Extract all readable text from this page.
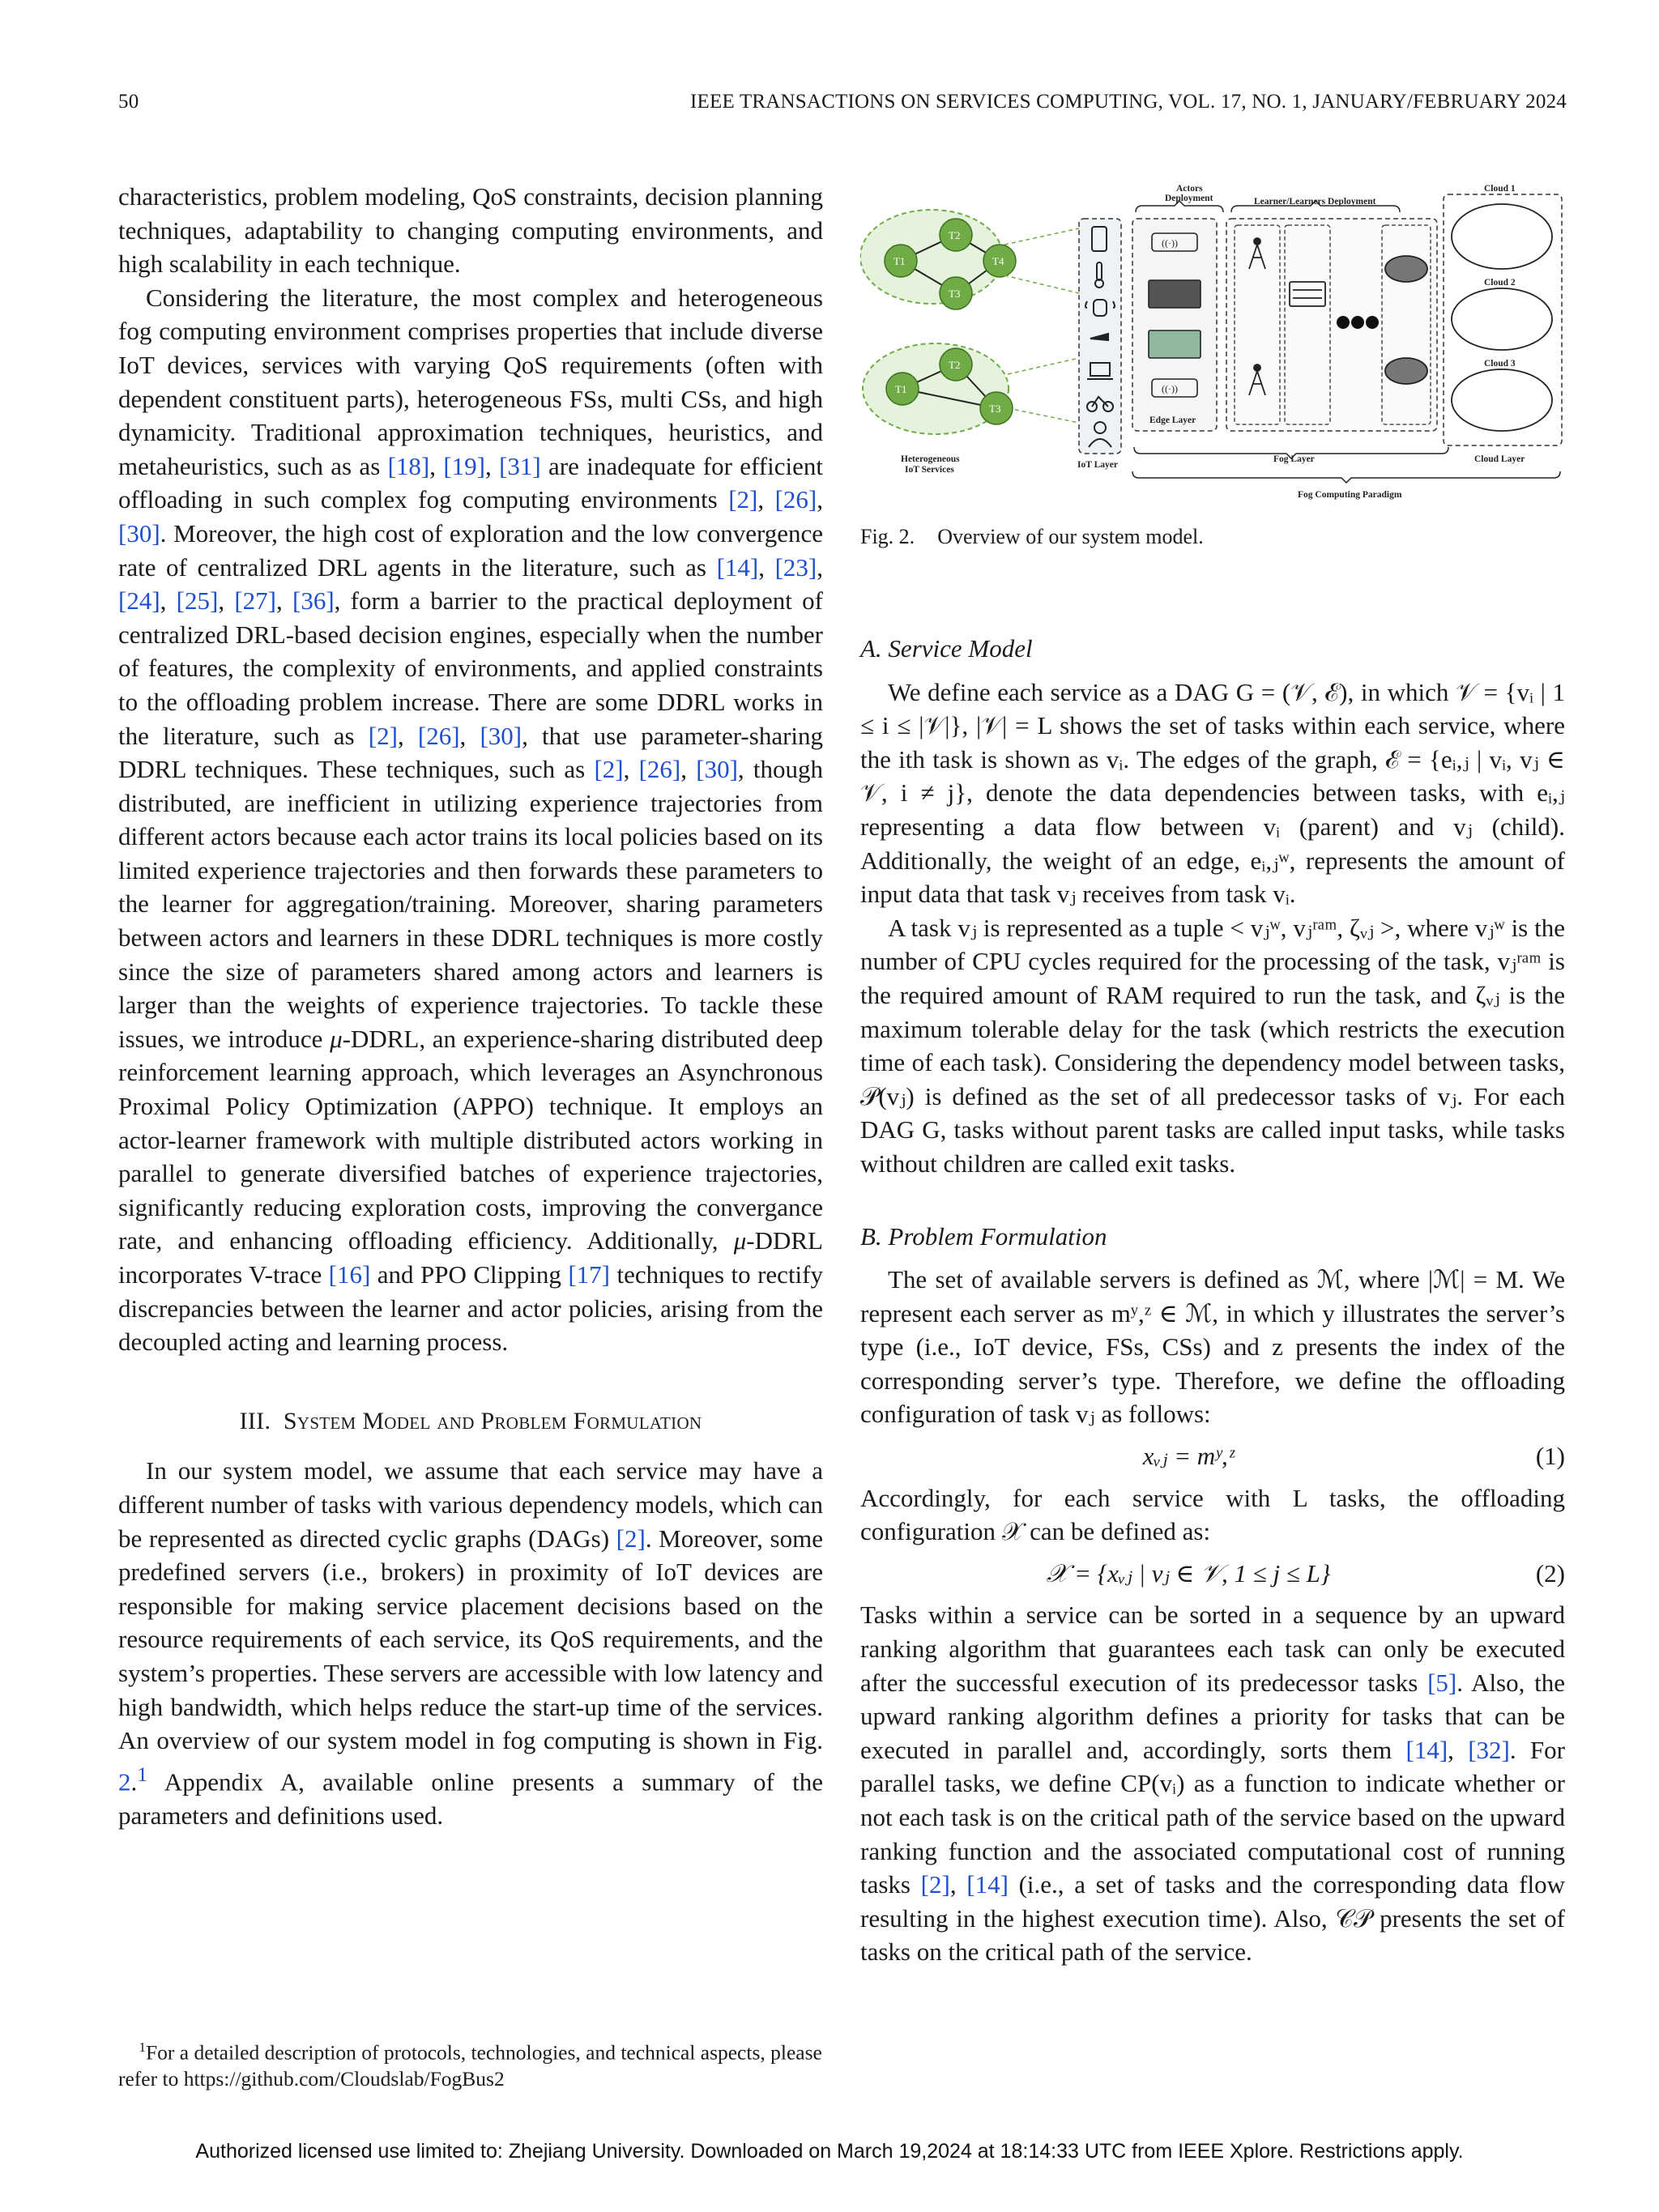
50	IEEE TRANSACTIONS ON SERVICES COMPUTING, VOL. 17, NO. 1, JANUARY/FEBRUARY 2024

characteristics, problem modeling, QoS constraints, decision planning techniques, adaptability to changing computing environments, and high scalability in each technique.

Considering the literature, the most complex and heterogeneous fog computing environment comprises properties that include diverse IoT devices, services with varying QoS requirements (often with dependent constituent parts), heterogeneous FSs, multi CSs, and high dynamicity. Traditional approximation techniques, heuristics, and metaheuristics, such as as [18], [19], [31] are inadequate for efficient offloading in such complex fog computing environments [2], [26], [30]. Moreover, the high cost of exploration and the low convergence rate of centralized DRL agents in the literature, such as [14], [23], [24], [25], [27], [36], form a barrier to the practical deployment of centralized DRL-based decision engines, especially when the number of features, the complexity of environments, and applied constraints to the offloading problem increase. There are some DDRL works in the literature, such as [2], [26], [30], that use parameter-sharing DDRL techniques. These techniques, such as [2], [26], [30], though distributed, are inefficient in utilizing experience trajectories from different actors because each actor trains its local policies based on its limited experience trajectories and then forwards these parameters to the learner for aggregation/training. Moreover, sharing parameters between actors and learners in these DDRL techniques is more costly since the size of parameters shared among actors and learners is larger than the weights of experience trajectories. To tackle these issues, we introduce μ-DDRL, an experience-sharing distributed deep reinforcement learning approach, which leverages an Asynchronous Proximal Policy Optimization (APPO) technique. It employs an actor-learner framework with multiple distributed actors working in parallel to generate diversified batches of experience trajectories, significantly reducing exploration costs, improving the convergance rate, and enhancing offloading efficiency. Additionally, μ-DDRL incorporates V-trace [16] and PPO Clipping [17] techniques to rectify discrepancies between the learner and actor policies, arising from the decoupled acting and learning process.

III. System Model and Problem Formulation

In our system model, we assume that each service may have a different number of tasks with various dependency models, which can be represented as directed cyclic graphs (DAGs) [2]. Moreover, some predefined servers (i.e., brokers) in proximity of IoT devices are responsible for making service placement decisions based on the resource requirements of each service, its QoS requirements, and the system’s properties. These servers are accessible with low latency and high bandwidth, which helps reduce the start-up time of the services. An overview of our system model in fog computing is shown in Fig. 2.$^1$ Appendix A, available online presents a summary of the parameters and definitions used.

$^1$For a detailed description of protocols, technologies, and technical aspects, please refer to https://github.com/Cloudslab/FogBus2
T1
T2
T3
T4
T1
T2
T3
Heterogeneous
IoT Services	IoT Layer
Actors
Deployment
((·))
((·))
Edge Layer
Learner/Learners Deployment
Fog Layer
Cloud 1
Cloud 2
Cloud 3
Cloud Layer
Fog Computing Paradigm
Fig. 2. Overview of our system model.
A. Service Model

We define each service as a DAG G = (𝒱, ℰ), in which 𝒱 = {vᵢ | 1 ≤ i ≤ |𝒱|}, |𝒱| = L shows the set of tasks within each service, where the ith task is shown as vᵢ. The edges of the graph, ℰ = {eᵢ,ⱼ | vᵢ, vⱼ ∈ 𝒱, i ≠ j}, denote the data dependencies between tasks, with eᵢ,ⱼ representing a data flow between vᵢ (parent) and vⱼ (child). Additionally, the weight of an edge, eᵢ,ⱼʷ, represents the amount of input data that task vⱼ receives from task vᵢ.

A task vⱼ is represented as a tuple < vⱼʷ, vⱼʳᵃᵐ, ζᵥⱼ >, where vⱼʷ is the number of CPU cycles required for the processing of the task, vⱼʳᵃᵐ is the required amount of RAM required to run the task, and ζᵥⱼ is the maximum tolerable delay for the task (which restricts the execution time of each task). Considering the dependency model between tasks, 𝒫(vⱼ) is defined as the set of all predecessor tasks of vⱼ. For each DAG G, tasks without parent tasks are called input tasks, while tasks without children are called exit tasks.

B. Problem Formulation

The set of available servers is defined as ℳ, where |ℳ| = M. We represent each server as mʸ,ᶻ ∈ ℳ, in which y illustrates the server’s type (i.e., IoT device, FSs, CSs) and z presents the index of the corresponding server’s type. Therefore, we define the offloading configuration of task vⱼ as follows:

xᵥⱼ = mʸ,ᶻ	(1)

Accordingly, for each service with L tasks, the offloading configuration 𝒳 can be defined as:

𝒳 = {xᵥⱼ | vⱼ ∈ 𝒱, 1 ≤ j ≤ L}	(2)

Tasks within a service can be sorted in a sequence by an upward ranking algorithm that guarantees each task can only be executed after the successful execution of its predecessor tasks [5]. Also, the upward ranking algorithm defines a priority for tasks that can be executed in parallel and, accordingly, sorts them [14], [32]. For parallel tasks, we define CP(vᵢ) as a function to indicate whether or not each task is on the critical path of the service based on the upward ranking function and the associated computational cost of running tasks [2], [14] (i.e., a set of tasks and the corresponding data flow resulting in the highest execution time). Also, 𝒞𝒫 presents the set of tasks on the critical path of the service.

Authorized licensed use limited to: Zhejiang University. Downloaded on March 19,2024 at 18:14:33 UTC from IEEE Xplore. Restrictions apply.
